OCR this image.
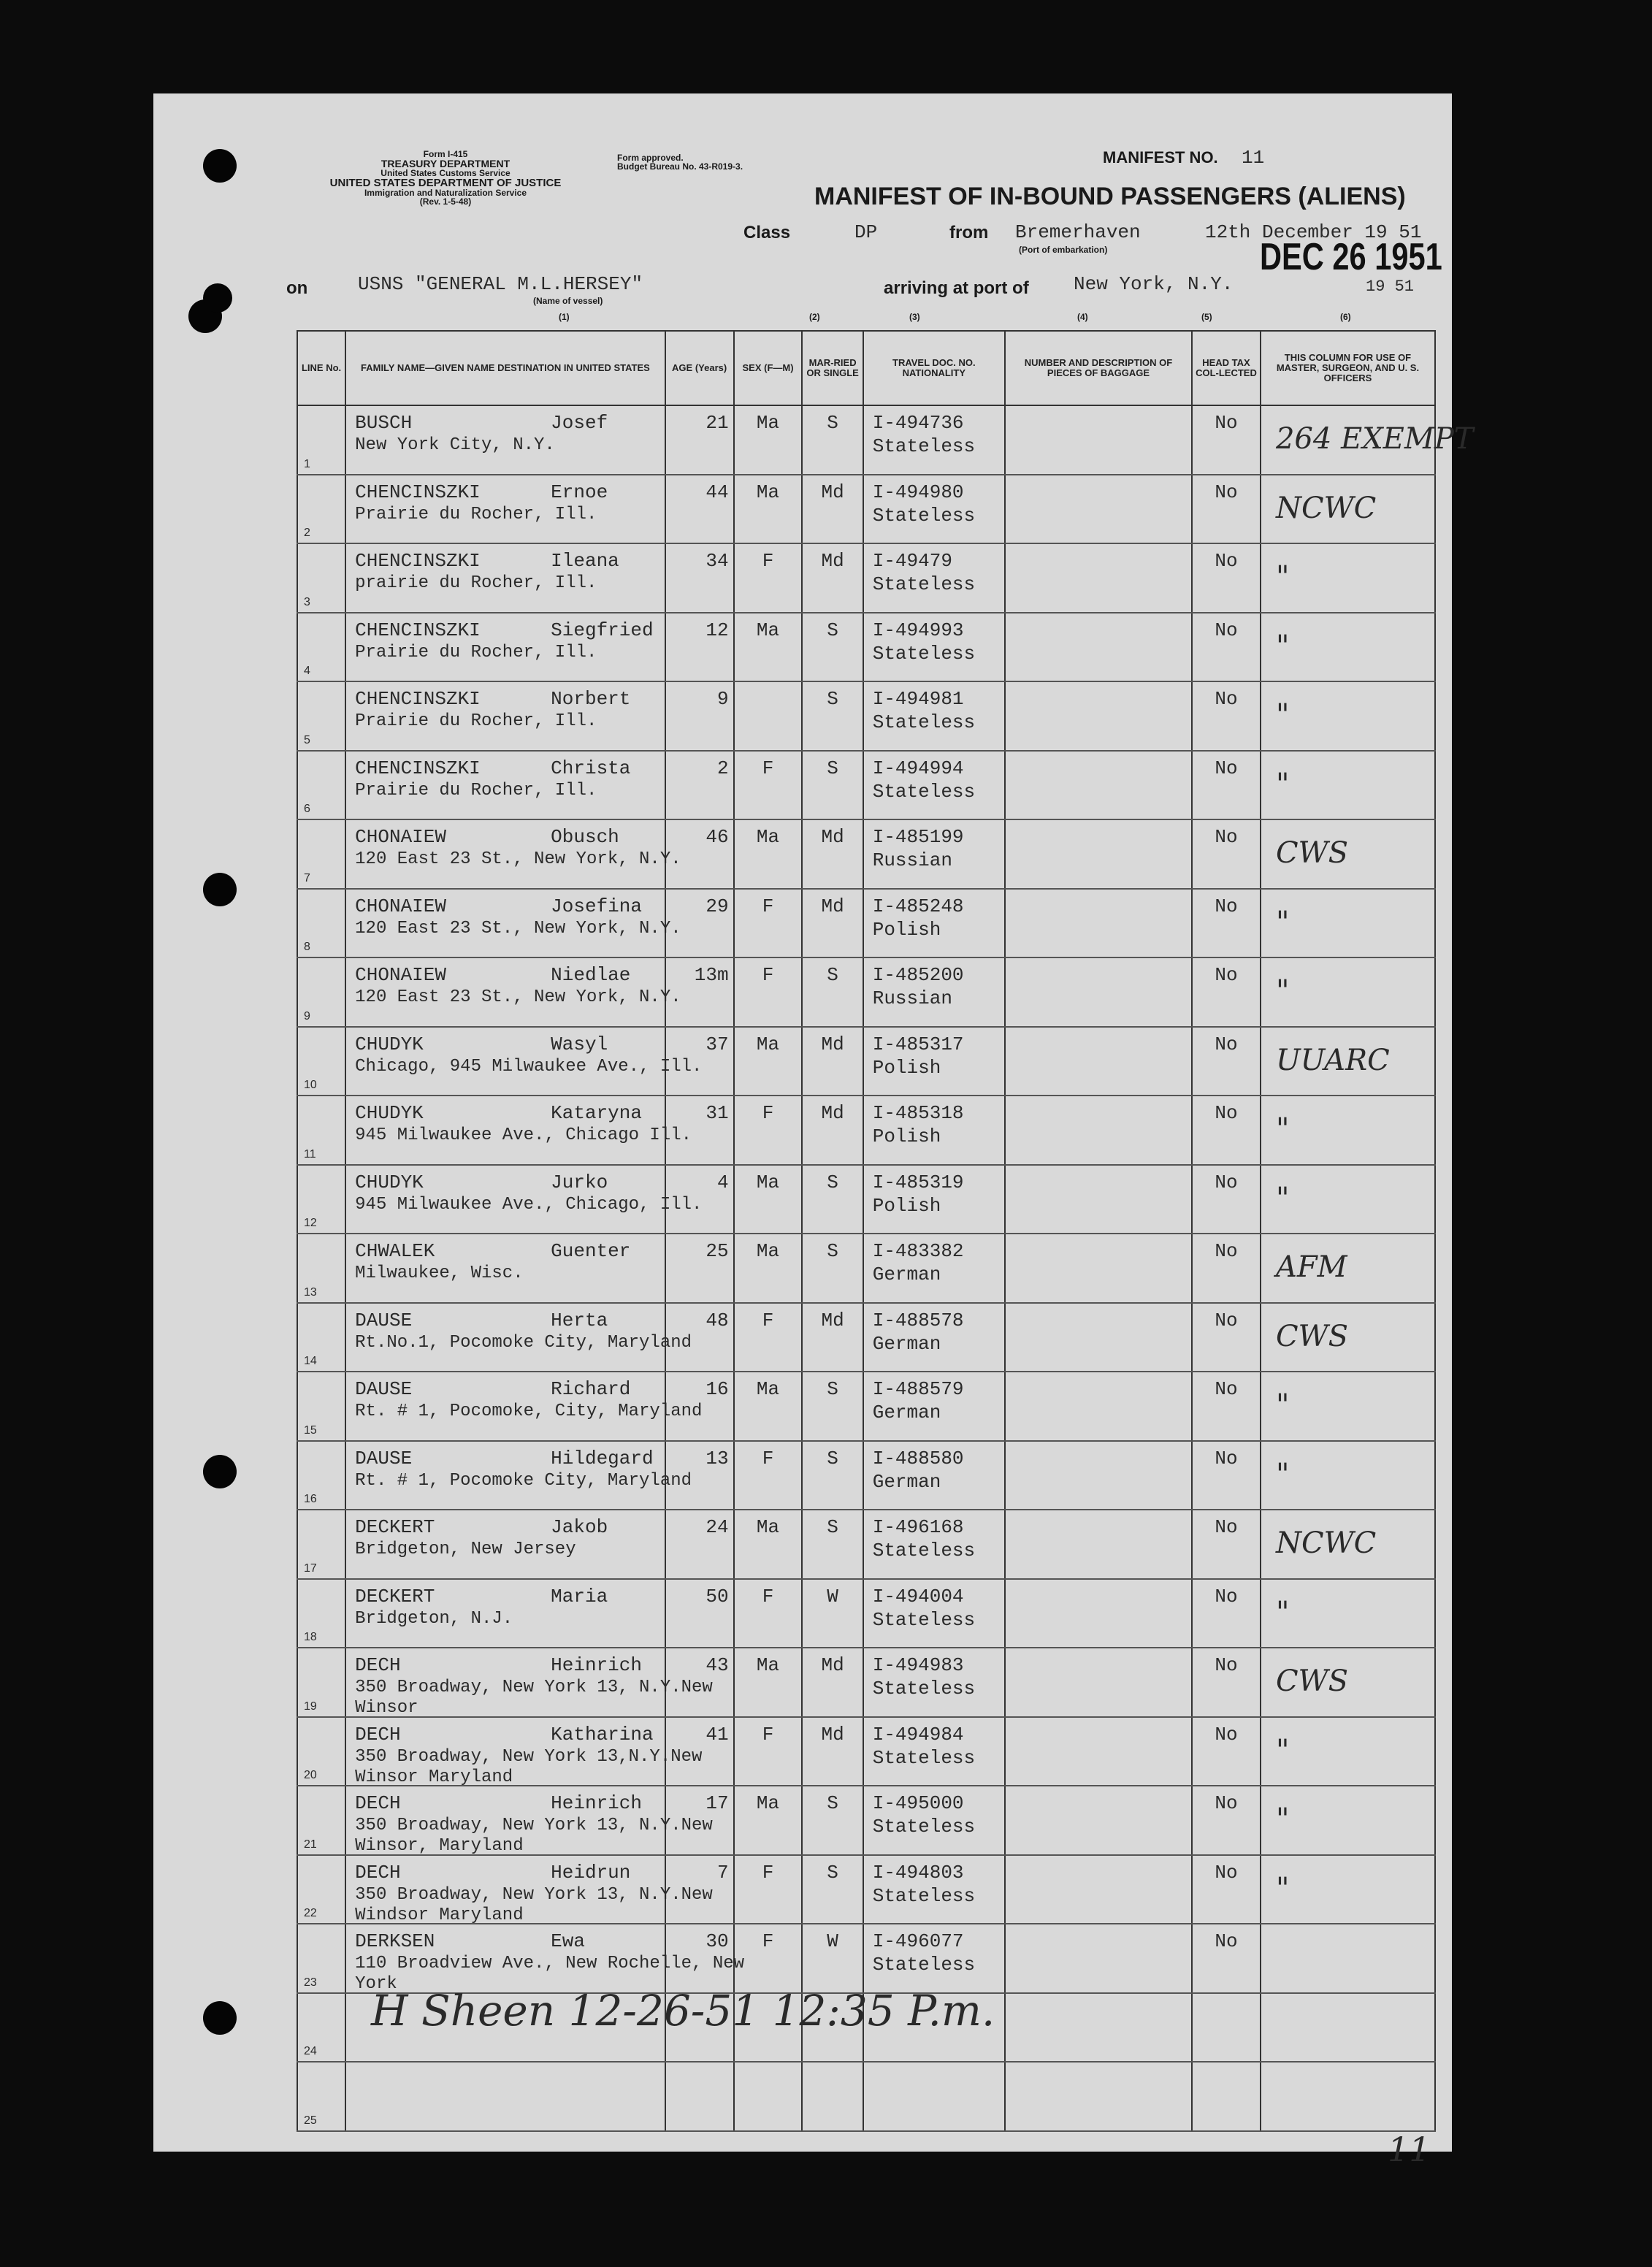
Form I-415
TREASURY DEPARTMENT
United States Customs Service
UNITED STATES DEPARTMENT OF JUSTICE
Immigration and Naturalization Service
(Rev. 1-5-48)
Form approved.
Budget Bureau No. 43-R019-3.	MANIFEST NO. 11
MANIFEST OF IN-BOUND PASSENGERS (ALIENS)
Class	DP	from Bremerhaven
(Port of embarkation)
12th December 19 51
on	USNS "GENERAL M.L.HERSEY"
(Name of vessel)
arriving at port of New York, N.Y.
DEC 26 1951
19 51
(1)	(2)	(3)	(4)	(5)	(6)
LINE No.	FAMILY NAME—GIVEN NAME DESTINATION IN UNITED STATES	AGE (Years)	SEX (F—M)	MAR-RIED OR SINGLE	TRAVEL DOC. NO. NATIONALITY	NUMBER AND DESCRIPTION OF PIECES OF BAGGAGE	HEAD TAX COL-LECTED	THIS COLUMN FOR USE OF MASTER, SURGEON, AND U. S. OFFICERS

1	BUSCH Josef
New York City, N.Y.	21	Ma	S	I-494736
Stateless		No	264 EXEMPT

2	CHENCINSZKI Ernoe
Prairie du Rocher, Ill.	44	Ma	Md	I-494980
Stateless		No	NCWC

3	CHENCINSZKI Ileana
prairie du Rocher, Ill.	34	F	Md	I-49479
Stateless		No	"

4	CHENCINSZKI Siegfried
Prairie du Rocher, Ill.	12	Ma	S	I-494993
Stateless		No	"

5	CHENCINSZKI Norbert
Prairie du Rocher, Ill.	9		S	I-494981
Stateless		No	"

6	CHENCINSZKI Christa
Prairie du Rocher, Ill.	2	F	S	I-494994
Stateless		No	"

7	CHONAIEW Obusch
120 East 23 St., New York, N.Y.	46	Ma	Md	I-485199
Russian		No	CWS

8	CHONAIEW Josefina
120 East 23 St., New York, N.Y.	29	F	Md	I-485248
Polish		No	"

9	CHONAIEW Niedlae
120 East 23 St., New York, N.Y.	13m	F	S	I-485200
Russian		No	"

10	CHUDYK Wasyl
Chicago, 945 Milwaukee Ave., Ill.	37	Ma	Md	I-485317
Polish		No	UUARC

11	CHUDYK Kataryna
945 Milwaukee Ave., Chicago Ill.	31	F	Md	I-485318
Polish		No	"

12	CHUDYK Jurko
945 Milwaukee Ave., Chicago, Ill.	4	Ma	S	I-485319
Polish		No	"

13	CHWALEK Guenter
Milwaukee, Wisc.	25	Ma	S	I-483382
German		No	AFM

14	DAUSE Herta
Rt.No.1, Pocomoke City, Maryland	48	F	Md	I-488578
German		No	CWS

15	DAUSE Richard
Rt. # 1, Pocomoke, City, Maryland	16	Ma	S	I-488579
German		No	"

16	DAUSE Hildegard
Rt. # 1, Pocomoke City, Maryland	13	F	S	I-488580
German		No	"

17	DECKERT Jakob
Bridgeton, New Jersey	24	Ma	S	I-496168
Stateless		No	NCWC

18	DECKERT Maria
Bridgeton, N.J.	50	F	W	I-494004
Stateless		No	"

19	DECH Heinrich
350 Broadway, New York 13, N.Y.New Winsor	43	Ma	Md	I-494983
Stateless		No	CWS

20	DECH Katharina
350 Broadway, New York 13,N.Y.New Winsor Maryland	41	F	Md	I-494984
Stateless		No	"

21	DECH Heinrich
350 Broadway, New York 13, N.Y.New Winsor, Maryland	17	Ma	S	I-495000
Stateless		No	"

22	DECH Heidrun
350 Broadway, New York 13, N.Y.New Windsor Maryland	7	F	S	I-494803
Stateless		No	"

23	DERKSEN Ewa
110 Broadview Ave., New Rochelle, New York	30	F	W	I-496077
Stateless		No	

24								

25								

H Sheen 12-26-51 12:35 P.m.
11
